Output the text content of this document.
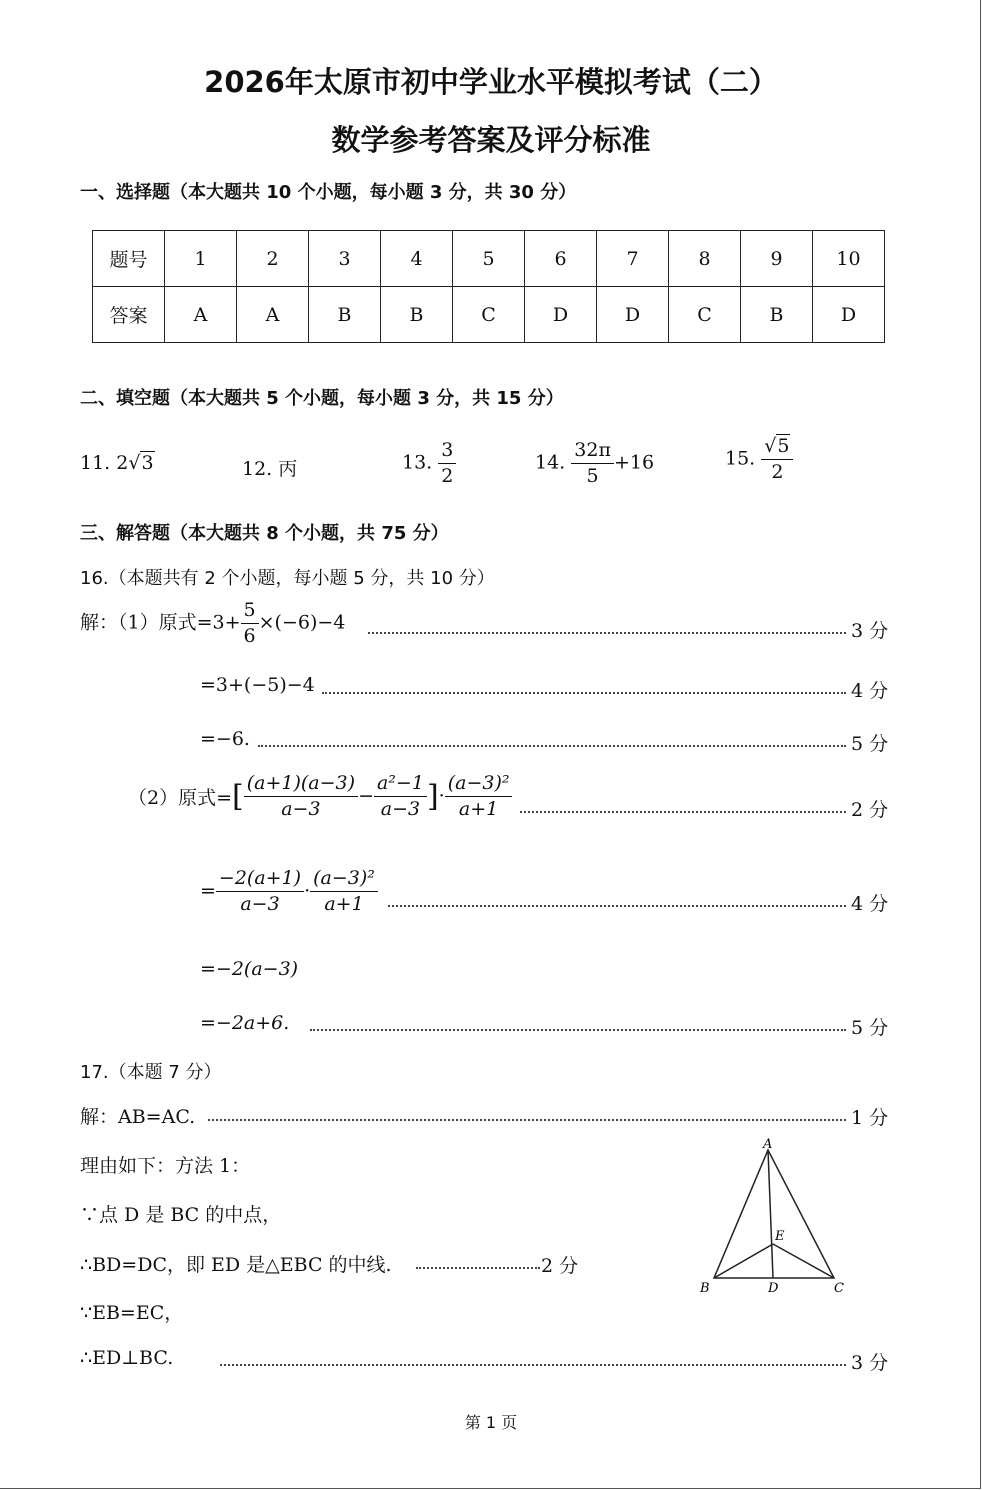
2026年太原市初中学业水平模拟考试（二）
数学参考答案及评分标准
一、选择题（本大题共 10 个小题，每小题 3 分，共 30 分）
题号	1	2	3	4	5	6	7	8	9	10
答案	A	A	B	B	C	D	D	C	B	D
二、填空题（本大题共 5 个小题，每小题 3 分，共 15 分）
11. 2√3	12. 丙	13. $\frac{3}{2}$	14. $\frac{32\pi}{5} +16$	15. $\frac{√5}{2}$
三、解答题（本大题共 8 个小题，共 75 分）
16.（本题共有 2 个小题，每小题 5 分，共 10 分）
解：（1）原式$=3+ \frac{5}{6} \times(-6)-4$	3 分
=3+(−5)−4	4 分
=−6.	5 分
（2）原式= [ $\frac{(a+1)(a-3)}{a-3} - \frac{\text{a²−1}}{a-3}$ ] · $\frac{\text{(a−3)²}}{a+1}$	2 分
= $\frac{-2(a+1)}{a-3} \cdot \frac{\text{(a−3)²}}{a+1}$	4 分
=−2(a−3)
=−2a+6.	5 分
17.（本题 7 分）
解：AB=AC.	1 分
理由如下：方法 1：
∵点 D 是 BC 的中点，
∴BD=DC，即 ED 是△EBC 的中线.	2 分
∵EB=EC，
∴ED⊥BC.	3 分
A
B	C
D
E
第 1 页
